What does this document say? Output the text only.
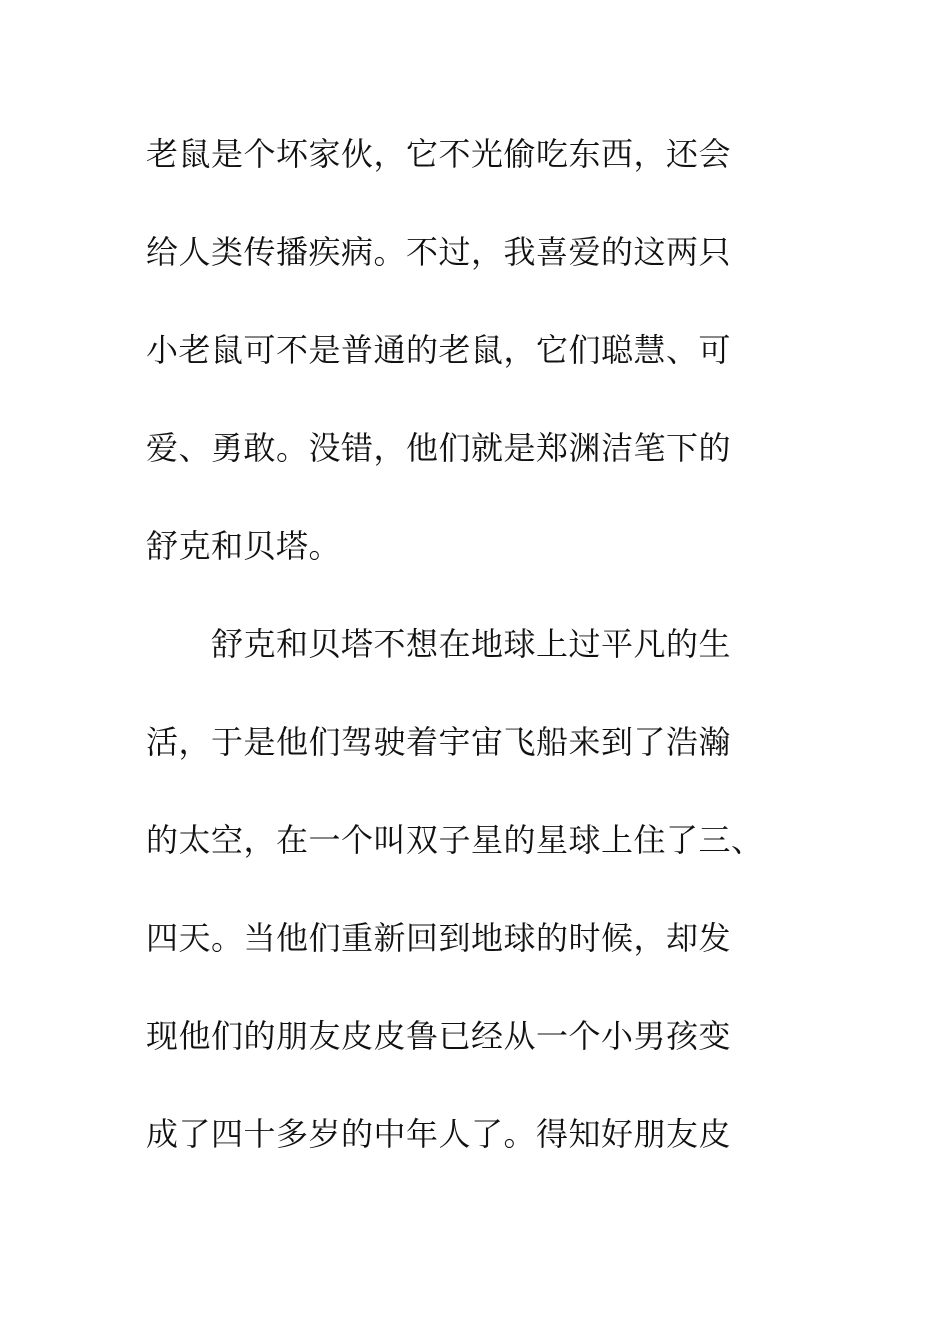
老鼠是个坏家伙，它不光偷吃东西，还会
给人类传播疾病。不过，我喜爱的这两只
小老鼠可不是普通的老鼠，它们聪慧、可
爱、勇敢。没错，他们就是郑渊洁笔下的
舒克和贝塔。
　　舒克和贝塔不想在地球上过平凡的生
活，于是他们驾驶着宇宙飞船来到了浩瀚
的太空，在一个叫双子星的星球上住了三、
四天。当他们重新回到地球的时候，却发
现他们的朋友皮皮鲁已经从一个小男孩变
成了四十多岁的中年人了。得知好朋友皮
